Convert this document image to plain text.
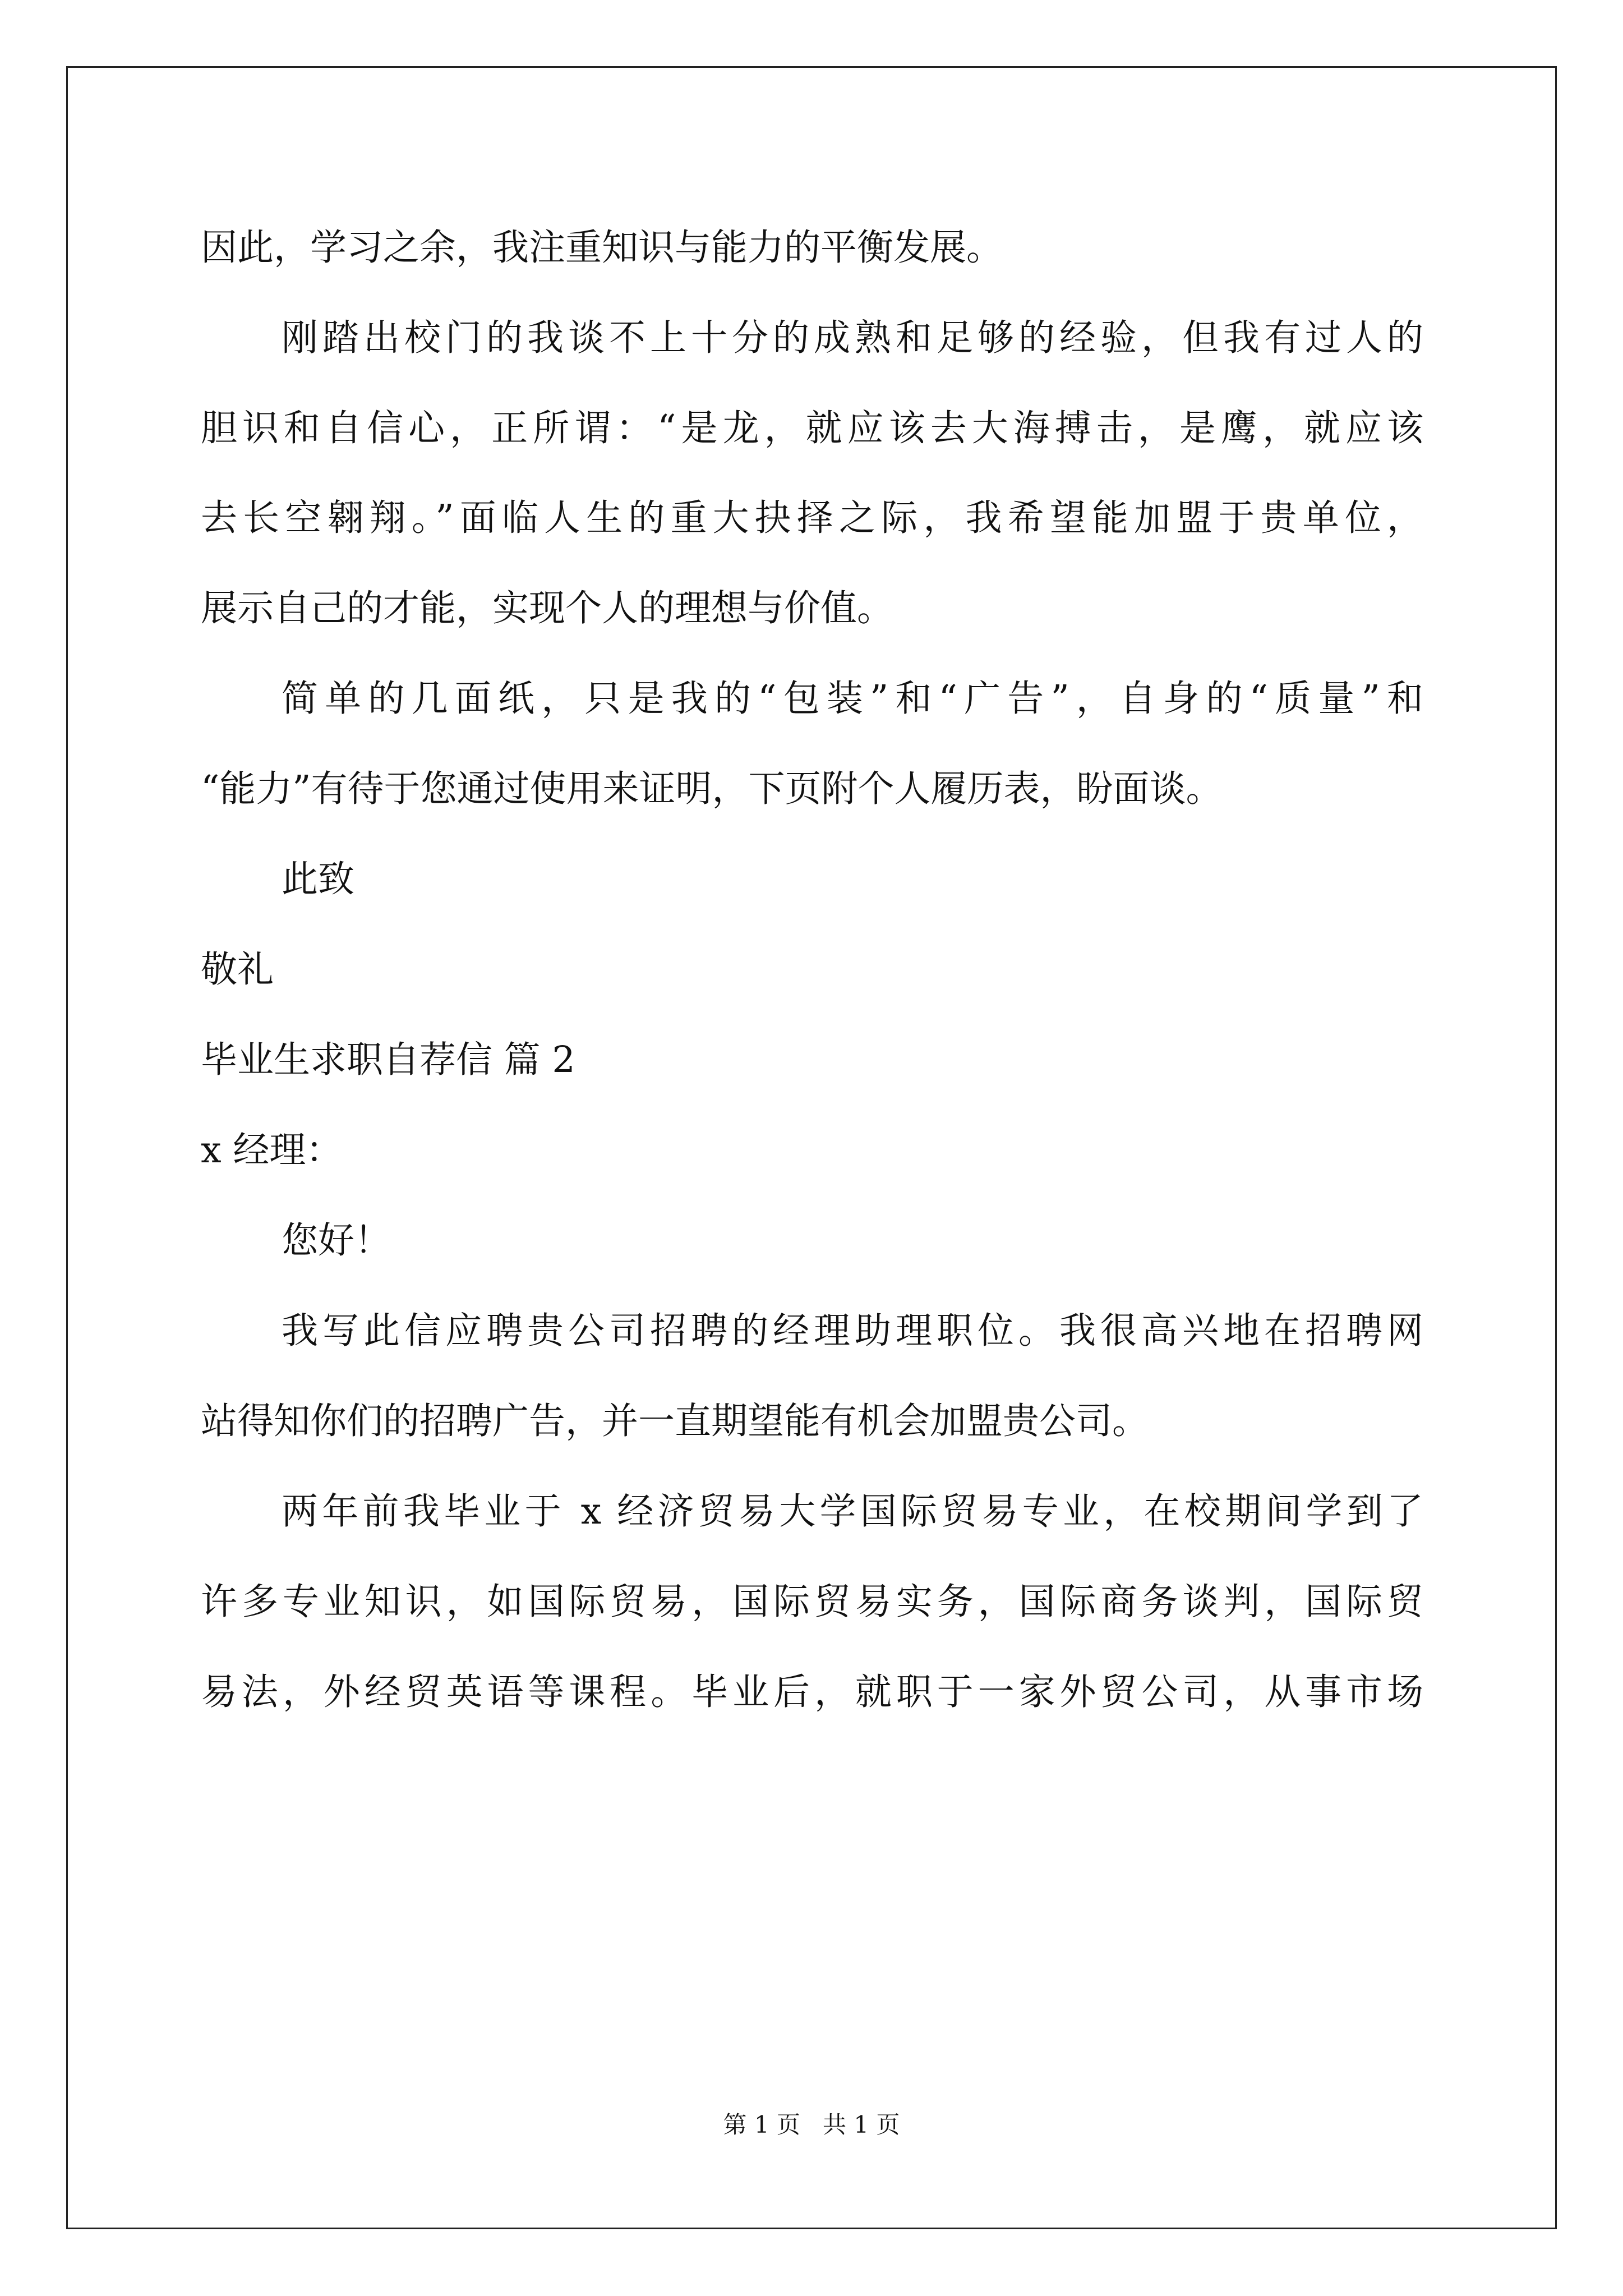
因此，学习之余，我注重知识与能力的平衡发展。
刚踏出校门的我谈不上十分的成熟和足够的经验，但我有过人的
胆识和自信心，正所谓：“是龙，就应该去大海搏击，是鹰，就应该
去长空翱翔。”面临人生的重大抉择之际，我希望能加盟于贵单位，
展示自己的才能，实现个人的理想与价值。
简单的几面纸，只是我的“包装”和“广告”，自身的“质量”和
“能力”有待于您通过使用来证明，下页附个人履历表，盼面谈。
此致
敬礼
毕业生求职自荐信 篇 2
x 经理：
您好！
我写此信应聘贵公司招聘的经理助理职位。我很高兴地在招聘网
站得知你们的招聘广告，并一直期望能有机会加盟贵公司。
两年前我毕业于 x 经济贸易大学国际贸易专业，在校期间学到了
许多专业知识，如国际贸易，国际贸易实务，国际商务谈判，国际贸
易法，外经贸英语等课程。毕业后，就职于一家外贸公司，从事市场
第 1 页   共 1 页
